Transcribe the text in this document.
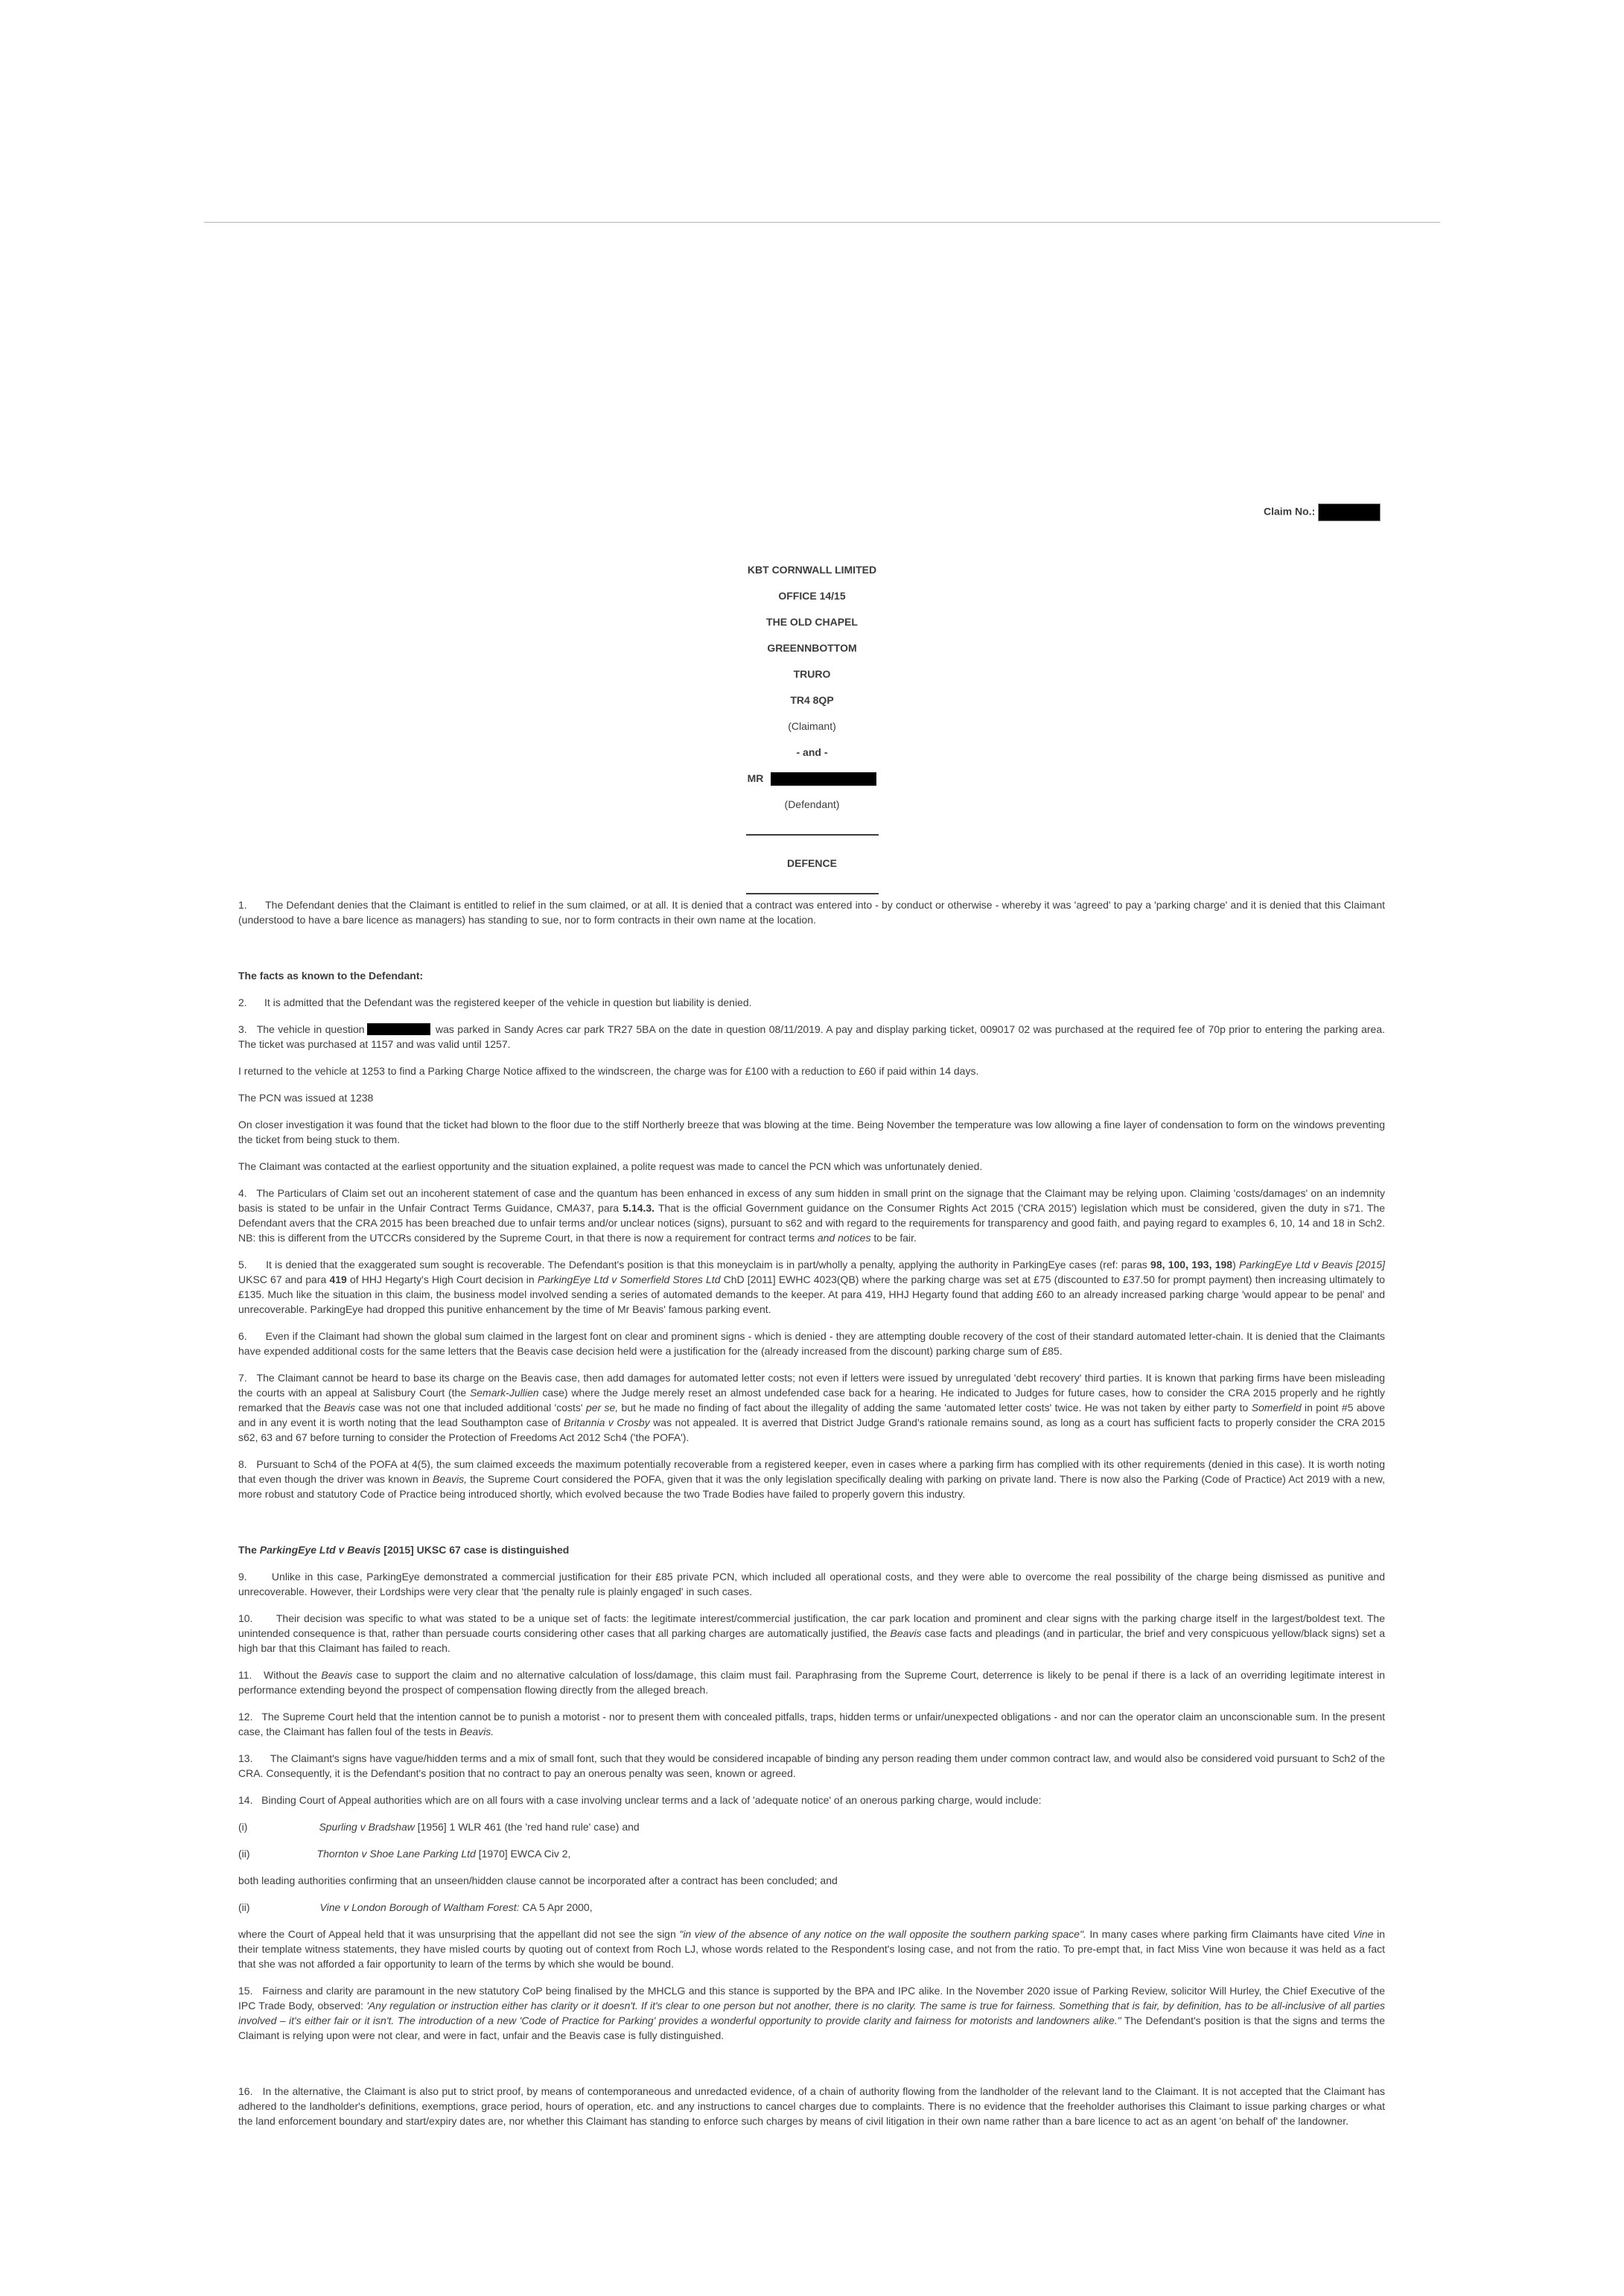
Claim No.:
KBT CORNWALL LIMITED
OFFICE 14/15
THE OLD CHAPEL
GREENNBOTTOM
TRURO
TR4 8QP
(Claimant)
- and -
MR
(Defendant)
DEFENCE

1.      The Defendant denies that the Claimant is entitled to relief in the sum claimed, or at all. It is denied that a contract was entered into - by conduct or otherwise - whereby it was 'agreed' to pay a 'parking charge' and it is denied that this Claimant (understood to have a bare licence as managers) has standing to sue, nor to form contracts in their own name at the location.

The facts as known to the Defendant:

2.      It is admitted that the Defendant was the registered keeper of the vehicle in question but liability is denied.

3.   The vehicle in question	was parked in Sandy Acres car park TR27 5BA on the date in question 08/11/2019. A pay and display parking ticket, 009017 02 was purchased at the required fee of 70p prior to entering the parking area. The ticket was purchased at 1157 and was valid until 1257.

I returned to the vehicle at 1253 to find a Parking Charge Notice affixed to the windscreen, the charge was for £100 with a reduction to £60 if paid within 14 days.

The PCN was issued at 1238

On closer investigation it was found that the ticket had blown to the floor due to the stiff Northerly breeze that was blowing at the time. Being November the temperature was low allowing a fine layer of condensation to form on the windows preventing the ticket from being stuck to them.

The Claimant was contacted at the earliest opportunity and the situation explained, a polite request was made to cancel the PCN which was unfortunately denied.

4.   The Particulars of Claim set out an incoherent statement of case and the quantum has been enhanced in excess of any sum hidden in small print on the signage that the Claimant may be relying upon. Claiming 'costs/damages' on an indemnity basis is stated to be unfair in the Unfair Contract Terms Guidance, CMA37, para 5.14.3. That is the official Government guidance on the Consumer Rights Act 2015 ('CRA 2015') legislation which must be considered, given the duty in s71. The Defendant avers that the CRA 2015 has been breached due to unfair terms and/or unclear notices (signs), pursuant to s62 and with regard to the requirements for transparency and good faith, and paying regard to examples 6, 10, 14 and 18 in Sch2. NB: this is different from the UTCCRs considered by the Supreme Court, in that there is now a requirement for contract terms and notices to be fair.

5.      It is denied that the exaggerated sum sought is recoverable. The Defendant's position is that this moneyclaim is in part/wholly a penalty, applying the authority in ParkingEye cases (ref: paras 98, 100, 193, 198) ParkingEye Ltd v Beavis [2015] UKSC 67 and para 419 of HHJ Hegarty's High Court decision in ParkingEye Ltd v Somerfield Stores Ltd ChD [2011] EWHC 4023(QB) where the parking charge was set at £75 (discounted to £37.50 for prompt payment) then increasing ultimately to £135. Much like the situation in this claim, the business model involved sending a series of automated demands to the keeper. At para 419, HHJ Hegarty found that adding £60 to an already increased parking charge 'would appear to be penal' and unrecoverable. ParkingEye had dropped this punitive enhancement by the time of Mr Beavis' famous parking event.

6.      Even if the Claimant had shown the global sum claimed in the largest font on clear and prominent signs - which is denied - they are attempting double recovery of the cost of their standard automated letter-chain. It is denied that the Claimants have expended additional costs for the same letters that the Beavis case decision held were a justification for the (already increased from the discount) parking charge sum of £85.

7.   The Claimant cannot be heard to base its charge on the Beavis case, then add damages for automated letter costs; not even if letters were issued by unregulated 'debt recovery' third parties. It is known that parking firms have been misleading the courts with an appeal at Salisbury Court (the Semark-Jullien case) where the Judge merely reset an almost undefended case back for a hearing. He indicated to Judges for future cases, how to consider the CRA 2015 properly and he rightly remarked that the Beavis case was not one that included additional 'costs' per se, but he made no finding of fact about the illegality of adding the same 'automated letter costs' twice. He was not taken by either party to Somerfield in point #5 above and in any event it is worth noting that the lead Southampton case of Britannia v Crosby was not appealed. It is averred that District Judge Grand's rationale remains sound, as long as a court has sufficient facts to properly consider the CRA 2015 s62, 63 and 67 before turning to consider the Protection of Freedoms Act 2012 Sch4 ('the POFA').

8.   Pursuant to Sch4 of the POFA at 4(5), the sum claimed exceeds the maximum potentially recoverable from a registered keeper, even in cases where a parking firm has complied with its other requirements (denied in this case). It is worth noting that even though the driver was known in Beavis, the Supreme Court considered the POFA, given that it was the only legislation specifically dealing with parking on private land. There is now also the Parking (Code of Practice) Act 2019 with a new, more robust and statutory Code of Practice being introduced shortly, which evolved because the two Trade Bodies have failed to properly govern this industry.

The ParkingEye Ltd v Beavis [2015] UKSC 67 case is distinguished

9.      Unlike in this case, ParkingEye demonstrated a commercial justification for their £85 private PCN, which included all operational costs, and they were able to overcome the real possibility of the charge being dismissed as punitive and unrecoverable. However, their Lordships were very clear that 'the penalty rule is plainly engaged' in such cases.

10.      Their decision was specific to what was stated to be a unique set of facts: the legitimate interest/commercial justification, the car park location and prominent and clear signs with the parking charge itself in the largest/boldest text. The unintended consequence is that, rather than persuade courts considering other cases that all parking charges are automatically justified, the Beavis case facts and pleadings (and in particular, the brief and very conspicuous yellow/black signs) set a high bar that this Claimant has failed to reach.

11.   Without the Beavis case to support the claim and no alternative calculation of loss/damage, this claim must fail. Paraphrasing from the Supreme Court, deterrence is likely to be penal if there is a lack of an overriding legitimate interest in performance extending beyond the prospect of compensation flowing directly from the alleged breach.

12.   The Supreme Court held that the intention cannot be to punish a motorist - nor to present them with concealed pitfalls, traps, hidden terms or unfair/unexpected obligations - and nor can the operator claim an unconscionable sum. In the present case, the Claimant has fallen foul of the tests in Beavis.

13.      The Claimant's signs have vague/hidden terms and a mix of small font, such that they would be considered incapable of binding any person reading them under common contract law, and would also be considered void pursuant to Sch2 of the CRA. Consequently, it is the Defendant's position that no contract to pay an onerous penalty was seen, known or agreed.

14.   Binding Court of Appeal authorities which are on all fours with a case involving unclear terms and a lack of 'adequate notice' of an onerous parking charge, would include:

(i)	Spurling v Bradshaw [1956] 1 WLR 461 (the 'red hand rule' case) and

(ii)	Thornton v Shoe Lane Parking Ltd [1970] EWCA Civ 2,

both leading authorities confirming that an unseen/hidden clause cannot be incorporated after a contract has been concluded; and

(ii)	Vine v London Borough of Waltham Forest: CA 5 Apr 2000,

where the Court of Appeal held that it was unsurprising that the appellant did not see the sign "in view of the absence of any notice on the wall opposite the southern parking space". In many cases where parking firm Claimants have cited Vine in their template witness statements, they have misled courts by quoting out of context from Roch LJ, whose words related to the Respondent's losing case, and not from the ratio. To pre-empt that, in fact Miss Vine won because it was held as a fact that she was not afforded a fair opportunity to learn of the terms by which she would be bound.

15.   Fairness and clarity are paramount in the new statutory CoP being finalised by the MHCLG and this stance is supported by the BPA and IPC alike. In the November 2020 issue of Parking Review, solicitor Will Hurley, the Chief Executive of the IPC Trade Body, observed: 'Any regulation or instruction either has clarity or it doesn't. If it's clear to one person but not another, there is no clarity. The same is true for fairness. Something that is fair, by definition, has to be all-inclusive of all parties involved – it's either fair or it isn't. The introduction of a new 'Code of Practice for Parking' provides a wonderful opportunity to provide clarity and fairness for motorists and landowners alike." The Defendant's position is that the signs and terms the Claimant is relying upon were not clear, and were in fact, unfair and the Beavis case is fully distinguished.

16.   In the alternative, the Claimant is also put to strict proof, by means of contemporaneous and unredacted evidence, of a chain of authority flowing from the landholder of the relevant land to the Claimant. It is not accepted that the Claimant has adhered to the landholder's definitions, exemptions, grace period, hours of operation, etc. and any instructions to cancel charges due to complaints. There is no evidence that the freeholder authorises this Claimant to issue parking charges or what the land enforcement boundary and start/expiry dates are, nor whether this Claimant has standing to enforce such charges by means of civil litigation in their own name rather than a bare licence to act as an agent 'on behalf of' the landowner.
